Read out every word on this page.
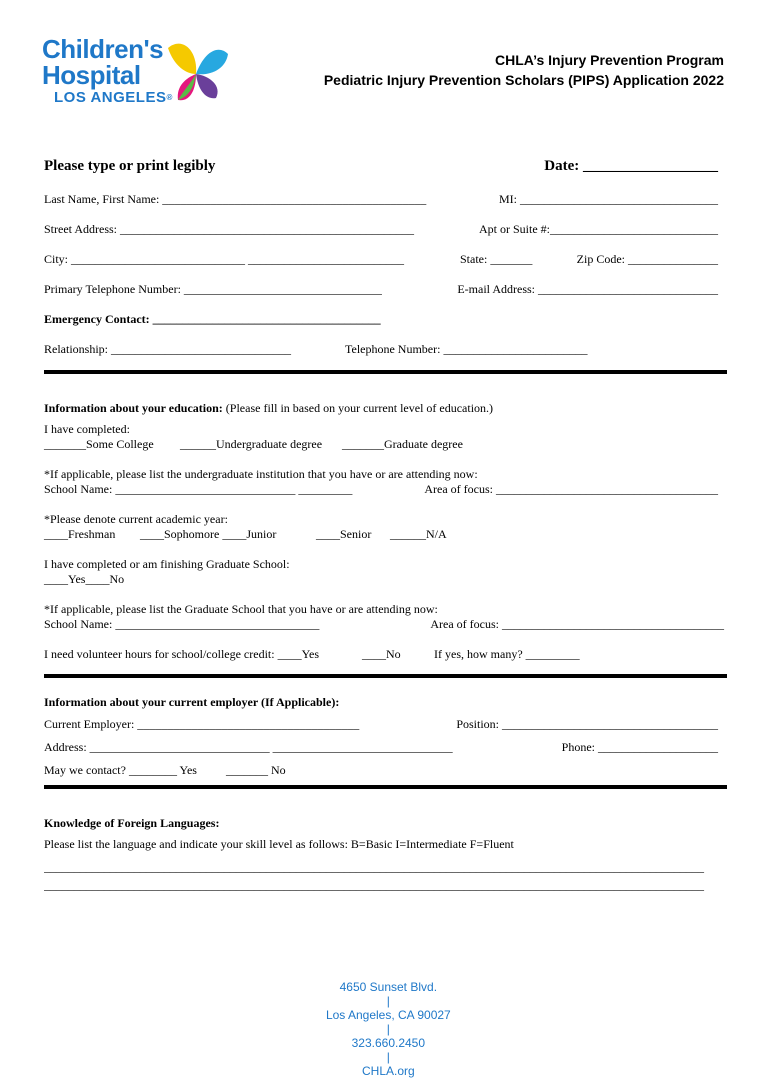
Children's
Hospital
LOS ANGELES®
CHLA’s Injury Prevention Program
Pediatric Injury Prevention Scholars (PIPS) Application 2022
Please type or print legibly	Date: __________________
Last Name, First Name: ____________________________________________	MI: _________________________________
Street Address: _________________________________________________	Apt or Suite #:____________________________
City: _____________________________ __________________________	State: _______	Zip Code: _______________
Primary Telephone Number: _________________________________	E-mail Address: ______________________________
Emergency Contact: ______________________________________
Relationship: ______________________________	Telephone Number: ________________________
Information about your education: (Please fill in based on your current level of education.)
I have completed:
_______Some College ______Undergraduate degree _______Graduate degree
*If applicable, please list the undergraduate institution that you have or are attending now:
School Name: ______________________________ _________	Area of focus: _____________________________________
*Please denote current academic year:
____Freshman ____Sophomore ____Junior	____Senior ______N/A
I have completed or am finishing Graduate School:
____Yes____No
*If applicable, please list the Graduate School that you have or are attending now:
School Name: __________________________________	Area of focus: _____________________________________
I need volunteer hours for school/college credit: ____Yes	____No	If yes, how many? _________
Information about your current employer (If Applicable):
Current Employer: _____________________________________	Position: ____________________________________
Address: ______________________________ ______________________________	Phone: ____________________
May we contact? ________ Yes _______ No
Knowledge of Foreign Languages:
Please list the language and indicate your skill level as follows: B=Basic I=Intermediate F=Fluent
______________________________________________________________________________________________________________
______________________________________________________________________________________________________________

4650 Sunset Blvd.
|
Los Angeles, CA 90027
|
323.660.2450
|
CHLA.org
